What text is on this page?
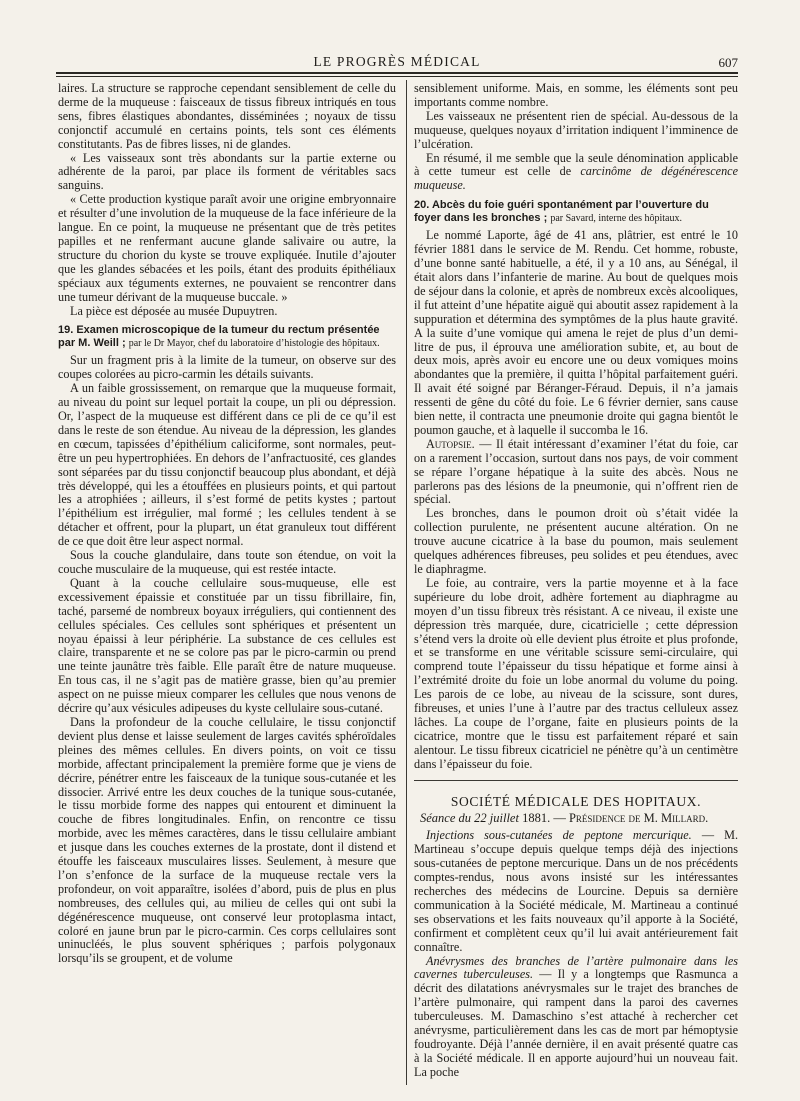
LE PROGRÈS MÉDICAL	607

laires. La structure se rapproche cependant sensiblement de celle du derme de la muqueuse : faisceaux de tissus fibreux intriqués en tous sens, fibres élastiques abondantes, disséminées ; noyaux de tissu conjonctif accumulé en certains points, tels sont ces éléments constitutants. Pas de fibres lisses, ni de glandes.

« Les vaisseaux sont très abondants sur la partie externe ou adhérente de la paroi, par place ils forment de véritables sacs sanguins.

« Cette production kystique paraît avoir une origine embryonnaire et résulter d’une involution de la muqueuse de la face inférieure de la langue. En ce point, la muqueuse ne présentant que de très petites papilles et ne renfermant aucune glande salivaire ou autre, la structure du chorion du kyste se trouve expliquée. Inutile d’ajouter que les glandes sébacées et les poils, étant des produits épithéliaux spéciaux aux téguments externes, ne pouvaient se rencontrer dans une tumeur dérivant de la muqueuse buccale. »

La pièce est déposée au musée Dupuytren.

19. Examen microscopique de la tumeur du rectum présentée par M. Weill ; par le Dr Mayor, chef du laboratoire d’histologie des hôpitaux.

Sur un fragment pris à la limite de la tumeur, on observe sur des coupes colorées au picro-carmin les détails suivants.

A un faible grossissement, on remarque que la muqueuse formait, au niveau du point sur lequel portait la coupe, un pli ou dépression. Or, l’aspect de la muqueuse est différent dans ce pli de ce qu’il est dans le reste de son étendue. Au niveau de la dépression, les glandes en cœcum, tapissées d’épithélium caliciforme, sont normales, peut-être un peu hypertrophiées. En dehors de l’anfractuosité, ces glandes sont séparées par du tissu conjonctif beaucoup plus abondant, et déjà très développé, qui les a étouffées en plusieurs points, et qui partout les a atrophiées ; ailleurs, il s’est formé de petits kystes ; partout l’épithélium est irrégulier, mal formé ; les cellules tendent à se détacher et offrent, pour la plupart, un état granuleux tout différent de ce que doit être leur aspect normal.

Sous la couche glandulaire, dans toute son étendue, on voit la couche musculaire de la muqueuse, qui est restée intacte.

Quant à la couche cellulaire sous-muqueuse, elle est excessivement épaissie et constituée par un tissu fibrillaire, fin, taché, parsemé de nombreux boyaux irréguliers, qui contiennent des cellules spéciales. Ces cellules sont sphériques et présentent un noyau épaissi à leur périphérie. La substance de ces cellules est claire, transparente et ne se colore pas par le picro-carmin ou prend une teinte jaunâtre très faible. Elle paraît être de nature muqueuse. En tous cas, il ne s’agit pas de matière grasse, bien qu’au premier aspect on ne puisse mieux comparer les cellules que nous venons de décrire qu’aux vésicules adipeuses du kyste cellulaire sous-cutané.

Dans la profondeur de la couche cellulaire, le tissu conjonctif devient plus dense et laisse seulement de larges cavités sphéroïdales pleines des mêmes cellules. En divers points, on voit ce tissu morbide, affectant principalement la première forme que je viens de décrire, pénétrer entre les faisceaux de la tunique sous-cutanée et les dissocier. Arrivé entre les deux couches de la tunique sous-cutanée, le tissu morbide forme des nappes qui entourent et diminuent la couche de fibres longitudinales. Enfin, on rencontre ce tissu morbide, avec les mêmes caractères, dans le tissu cellulaire ambiant et jusque dans les couches externes de la prostate, dont il distend et étouffe les faisceaux musculaires lisses. Seulement, à mesure que l’on s’enfonce de la surface de la muqueuse rectale vers la profondeur, on voit apparaître, isolées d’abord, puis de plus en plus nombreuses, des cellules qui, au milieu de celles qui ont subi la dégénérescence muqueuse, ont conservé leur protoplasma intact, coloré en jaune brun par le picro-carmin. Ces corps cellulaires sont uninucléés, le plus souvent sphériques ; parfois polygonaux lorsqu’ils se groupent, et de volume

sensiblement uniforme. Mais, en somme, les éléments sont peu importants comme nombre.

Les vaisseaux ne présentent rien de spécial. Au-dessous de la muqueuse, quelques noyaux d’irritation indiquent l’imminence de l’ulcération.

En résumé, il me semble que la seule dénomination applicable à cette tumeur est celle de carcinôme de dégénérescence muqueuse.

20. Abcès du foie guéri spontanément par l’ouverture du foyer dans les bronches ; par Savard, interne des hôpitaux.

Le nommé Laporte, âgé de 41 ans, plâtrier, est entré le 10 février 1881 dans le service de M. Rendu. Cet homme, robuste, d’une bonne santé habituelle, a été, il y a 10 ans, au Sénégal, il était alors dans l’infanterie de marine. Au bout de quelques mois de séjour dans la colonie, et après de nombreux excès alcooliques, il fut atteint d’une hépatite aiguë qui aboutit assez rapidement à la suppuration et détermina des symptômes de la plus haute gravité. A la suite d’une vomique qui amena le rejet de plus d’un demi-litre de pus, il éprouva une amélioration subite, et, au bout de deux mois, après avoir eu encore une ou deux vomiques moins abondantes que la première, il quitta l’hôpital parfaitement guéri. Il avait été soigné par Béranger-Féraud. Depuis, il n’a jamais ressenti de gêne du côté du foie. Le 6 février dernier, sans cause bien nette, il contracta une pneumonie droite qui gagna bientôt le poumon gauche, et à laquelle il succomba le 16.

Autopsie. — Il était intéressant d’examiner l’état du foie, car on a rarement l’occasion, surtout dans nos pays, de voir comment se répare l’organe hépatique à la suite des abcès. Nous ne parlerons pas des lésions de la pneumonie, qui n’offrent rien de spécial.

Les bronches, dans le poumon droit où s’était vidée la collection purulente, ne présentent aucune altération. On ne trouve aucune cicatrice à la base du poumon, mais seulement quelques adhérences fibreuses, peu solides et peu étendues, avec le diaphragme.

Le foie, au contraire, vers la partie moyenne et à la face supérieure du lobe droit, adhère fortement au diaphragme au moyen d’un tissu fibreux très résistant. A ce niveau, il existe une dépression très marquée, dure, cicatricielle ; cette dépression s’étend vers la droite où elle devient plus étroite et plus profonde, et se transforme en une véritable scissure semi-circulaire, qui comprend toute l’épaisseur du tissu hépatique et forme ainsi à l’extrémité droite du foie un lobe anormal du volume du poing. Les parois de ce lobe, au niveau de la scissure, sont dures, fibreuses, et unies l’une à l’autre par des tractus celluleux assez lâches. La coupe de l’organe, faite en plusieurs points de la cicatrice, montre que le tissu est parfaitement réparé et sain alentour. Le tissu fibreux cicatriciel ne pénètre qu’à un centimètre dans l’épaisseur du foie.

SOCIÉTÉ MÉDICALE DES HOPITAUX.

Séance du 22 juillet 1881. — Présidence de M. Millard.

Injections sous-cutanées de peptone mercurique. — M. Martineau s’occupe depuis quelque temps déjà des injections sous-cutanées de peptone mercurique. Dans un de nos précédents comptes-rendus, nous avons insisté sur les intéressantes recherches des médecins de Lourcine. Depuis sa dernière communication à la Société médicale, M. Martineau a continué ses observations et les faits nouveaux qu’il apporte à la Société, confirment et complètent ceux qu’il lui avait antérieurement fait connaître.

Anévrysmes des branches de l’artère pulmonaire dans les cavernes tuberculeuses. — Il y a longtemps que Rasmunca a décrit des dilatations anévrysmales sur le trajet des branches de l’artère pulmonaire, qui rampent dans la paroi des cavernes tuberculeuses. M. Damaschino s’est attaché à rechercher cet anévrysme, particulièrement dans les cas de mort par hémoptysie foudroyante. Déjà l’année dernière, il en avait présenté quatre cas à la Société médicale. Il en apporte aujourd’hui un nouveau fait. La poche
